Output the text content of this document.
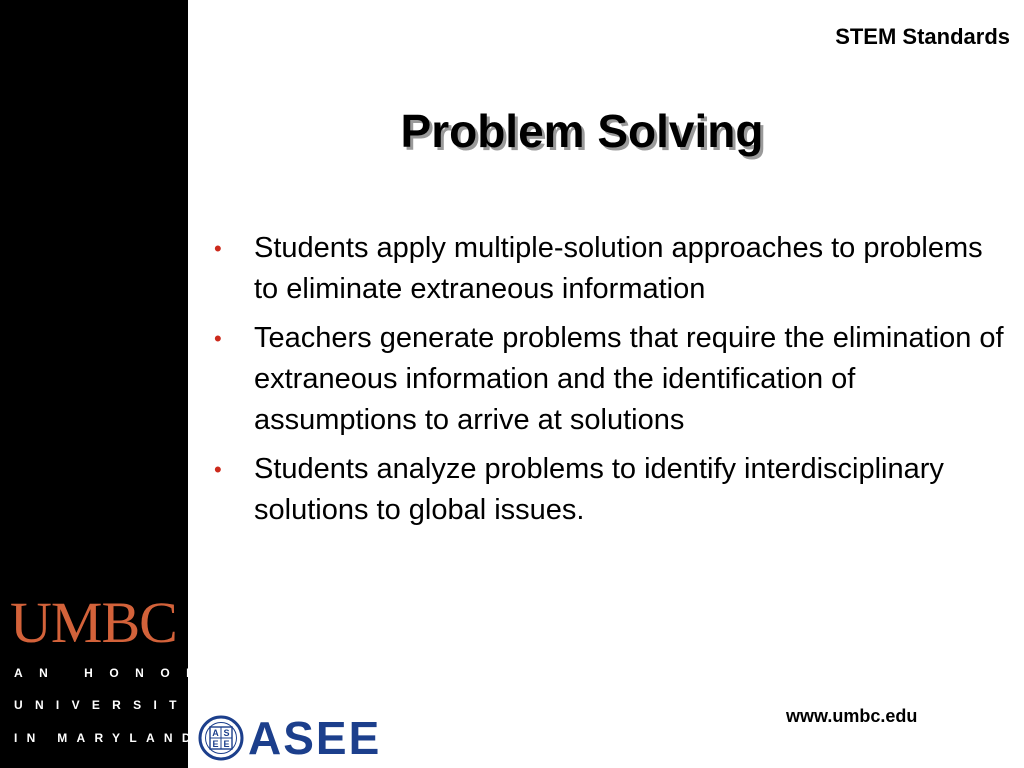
UMBC
AN HONORS
UNIVERSITY
IN MARYLAND
STEM Standards
Problem Solving
• Students apply multiple-solution approaches to problems to eliminate extraneous information
• Teachers generate problems that require the elimination of extraneous information and the identification of assumptions to arrive at solutions
• Students analyze problems to identify interdisciplinary solutions to global issues.
A S
E E ASEE	www.umbc.edu
